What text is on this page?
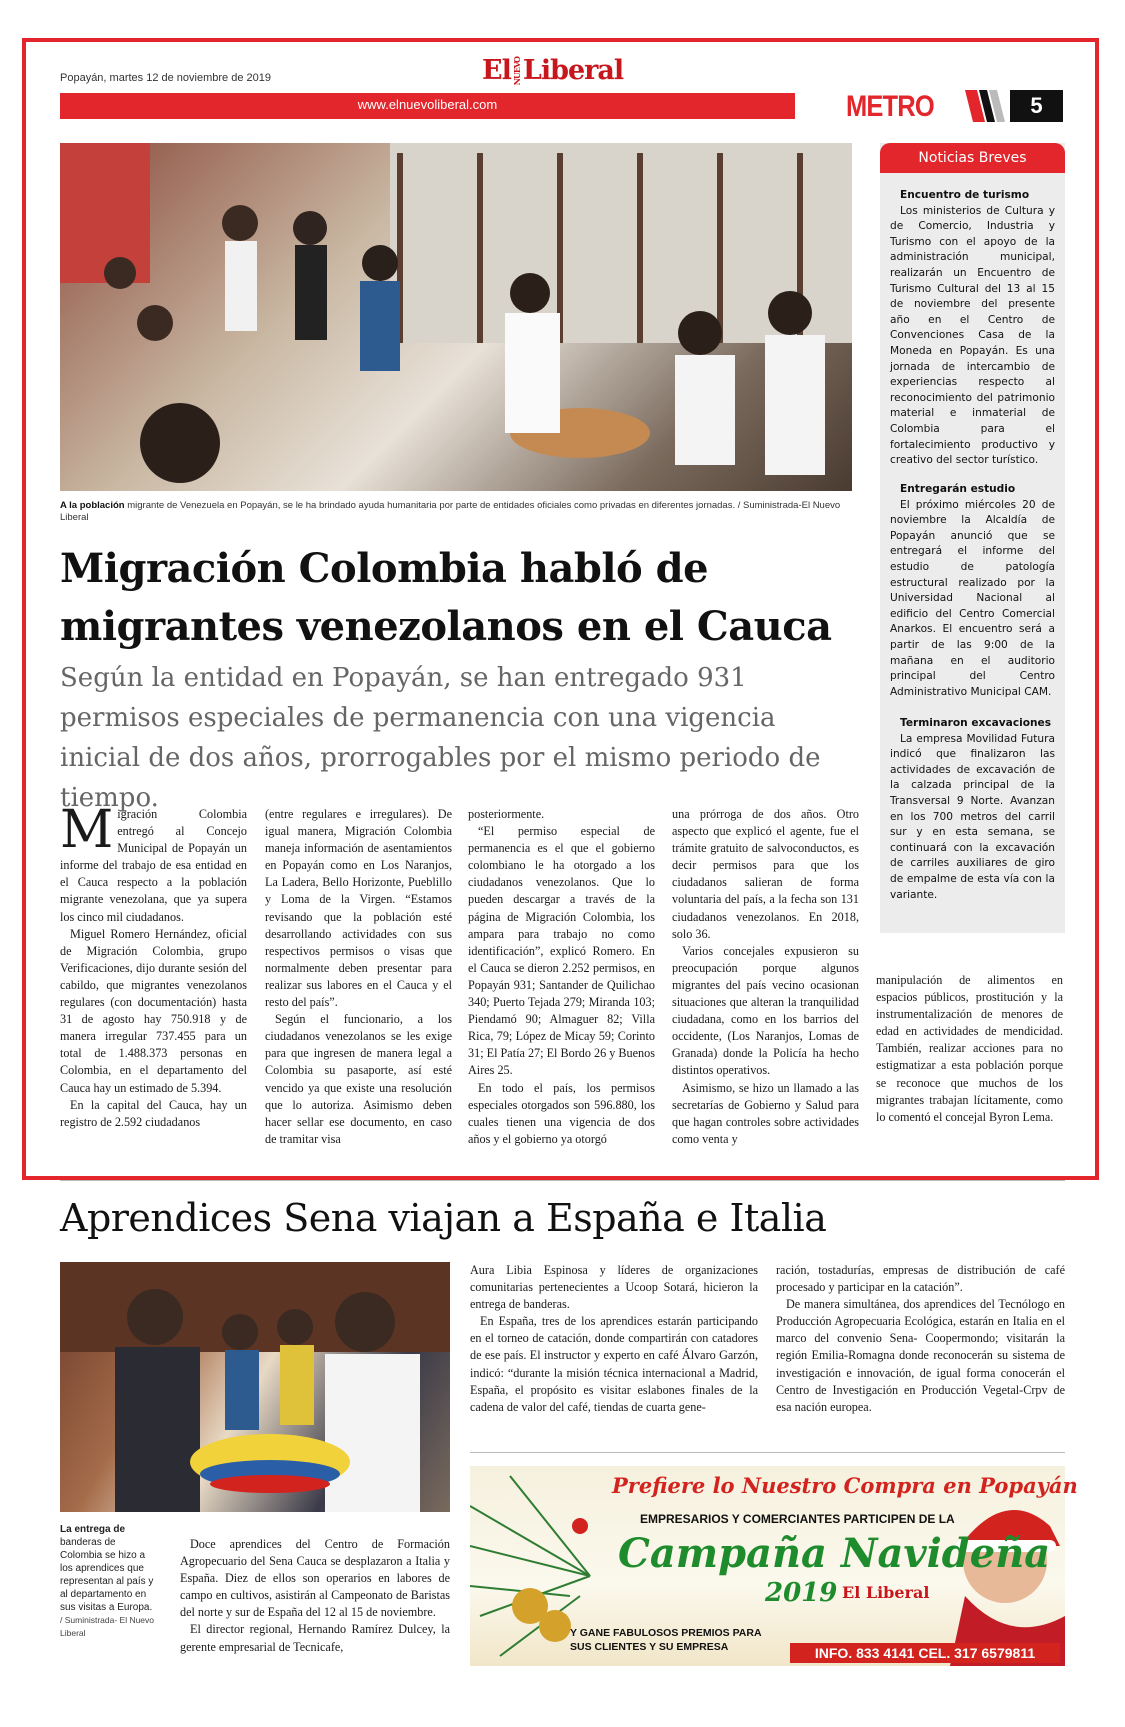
Popayán, martes 12 de noviembre de 2019	ElNUEVOLiberal
www.elnuevoliberal.com	METRO	5
A la población migrante de Venezuela en Popayán, se le ha brindado ayuda humanitaria por parte de entidades oficiales como privadas en diferentes jornadas. / Suministrada-El Nuevo Liberal
Migración Colombia habló de migrantes venezolanos en el Cauca
Según la entidad en Popayán, se han entregado 931 permisos especiales de permanencia con una vigencia inicial de dos años, prorrogables por el mismo periodo de tiempo.

Migración Colombia entregó al Concejo Municipal de Popayán un informe del trabajo de esa entidad en el Cauca respecto a la población migrante venezolana, que ya supera los cinco mil ciudadanos.

Miguel Romero Hernández, oficial de Migración Colombia, grupo Verificaciones, dijo durante sesión del cabildo, que migrantes venezolanos regulares (con documentación) hasta 31 de agosto hay 750.918 y de manera irregular 737.455 para un total de 1.488.373 personas en Colombia, en el departamento del Cauca hay un estimado de 5.394.

En la capital del Cauca, hay un registro de 2.592 ciudadanos

(entre regulares e irregulares). De igual manera, Migración Colombia maneja información de asentamientos en Popayán como en Los Naranjos, La Ladera, Bello Horizonte, Pueblillo y Loma de la Virgen. “Estamos revisando que la población esté desarrollando actividades con sus respectivos permisos o visas que normalmente deben presentar para realizar sus labores en el Cauca y el resto del país”.

Según el funcionario, a los ciudadanos venezolanos se les exige para que ingresen de manera legal a Colombia su pasaporte, así esté vencido ya que existe una resolución que lo autoriza. Asimismo deben hacer sellar ese documento, en caso de tramitar visa

posteriormente.

“El permiso especial de permanencia es el que el gobierno colombiano le ha otorgado a los ciudadanos venezolanos. Que lo pueden descargar a través de la página de Migración Colombia, los ampara para trabajo no como identificación”, explicó Romero. En el Cauca se dieron 2.252 permisos, en Popayán 931; Santander de Quilichao 340; Puerto Tejada 279; Miranda 103; Piendamó 90; Almaguer 82; Villa Rica, 79; López de Micay 59; Corinto 31; El Patía 27; El Bordo 26 y Buenos Aires 25.

En todo el país, los permisos especiales otorgados son 596.880, los cuales tienen una vigencia de dos años y el gobierno ya otorgó

una prórroga de dos años. Otro aspecto que explicó el agente, fue el trámite gratuito de salvoconductos, es decir permisos para que los ciudadanos salieran de forma voluntaria del país, a la fecha son 131 ciudadanos venezolanos. En 2018, solo 36.

Varios concejales expusieron su preocupación porque algunos migrantes del país vecino ocasionan situaciones que alteran la tranquilidad ciudadana, como en los barrios del occidente, (Los Naranjos, Lomas de Granada) donde la Policía ha hecho distintos operativos.

Asimismo, se hizo un llamado a las secretarías de Gobierno y Salud para que hagan controles sobre actividades como venta y

manipulación de alimentos en espacios públicos, prostitución y la instrumentalización de menores de edad en actividades de mendicidad. También, realizar acciones para no estigmatizar a esta población porque se reconoce que muchos de los migrantes trabajan lícitamente, como lo comentó el concejal Byron Lema.

Noticias Breves
Encuentro de turismo
Los ministerios de Cultura y de Comercio, Industria y Turismo con el apoyo de la administración municipal, realizarán un Encuentro de Turismo Cultural del 13 al 15 de noviembre del presente año en el Centro de Convenciones Casa de la Moneda en Popayán. Es una jornada de intercambio de experiencias respecto al reconocimiento del patrimonio material e inmaterial de Colombia para el fortalecimiento productivo y creativo del sector turístico.
Entregarán estudio
El próximo miércoles 20 de noviembre la Alcaldía de Popayán anunció que se entregará el informe del estudio de patología estructural realizado por la Universidad Nacional al edificio del Centro Comercial Anarkos. El encuentro será a partir de las 9:00 de la mañana en el auditorio principal del Centro Administrativo Municipal CAM.
Terminaron excavaciones
La empresa Movilidad Futura indicó que finalizaron las actividades de excavación de la calzada principal de la Transversal 9 Norte. Avanzan en los 700 metros del carril sur y en esta semana, se continuará con la excavación de carriles auxiliares de giro de empalme de esta vía con la variante.
Aprendices Sena viajan a España e Italia
La entrega de
banderas de Colombia se hizo a los aprendices que representan al país y al departamento en sus visitas a Europa. / Suministrada- El Nuevo Liberal

Doce aprendices del Centro de Formación Agropecuario del Sena Cauca se desplazaron a Italia y España. Diez de ellos son operarios en labores de campo en cultivos, asistirán al Campeonato de Baristas del norte y sur de España del 12 al 15 de noviembre.

El director regional, Hernando Ramírez Dulcey, la gerente empresarial de Tecnicafe,

Aura Libia Espinosa y líderes de organizaciones comunitarias pertenecientes a Ucoop Sotará, hicieron la entrega de banderas.

En España, tres de los aprendices estarán participando en el torneo de catación, donde compartirán con catadores de ese país. El instructor y experto en café Álvaro Garzón, indicó: “durante la misión técnica internacional a Madrid, España, el propósito es visitar eslabones finales de la cadena de valor del café, tiendas de cuarta gene-

ración, tostadurías, empresas de distribución de café procesado y participar en la catación”.

De manera simultánea, dos aprendices del Tecnólogo en Producción Agropecuaria Ecológica, estarán en Italia en el marco del convenio Sena- Coopermondo; visitarán la región Emilia-Romagna donde reconocerán su sistema de investigación e innovación, de igual forma conocerán el Centro de Investigación en Producción Vegetal-Crpv de esa nación europea.

Prefiere lo Nuestro Compra en Popayán
EMPRESARIOS Y COMERCIANTES PARTICIPEN DE LA
Campaña Navideña
2019 El Liberal
Y GANE FABULOSOS PREMIOS PARA
SUS CLIENTES Y SU EMPRESA	INFO. 833 4141 CEL. 317 6579811
